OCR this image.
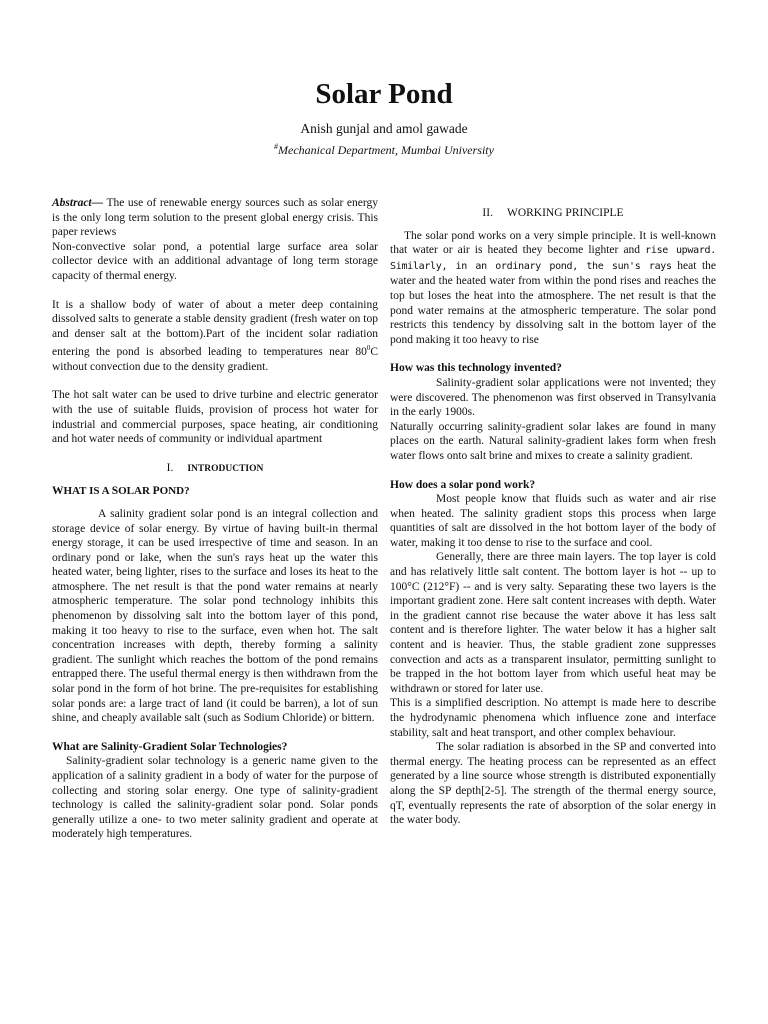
Solar Pond
Anish gunjal and amol gawade
#Mechanical Department, Mumbai University

Abstract— The use of renewable energy sources such as solar energy is the only long term solution to the present global energy crisis. This paper reviews

Non-convective solar pond, a potential large surface area solar collector device with an additional advantage of long term storage capacity of thermal energy.

It is a shallow body of water of about a meter deep containing dissolved salts to generate a stable density gradient (fresh water on top and denser salt at the bottom).Part of the incident solar radiation entering the pond is absorbed leading to temperatures near $80^0C$ without convection due to the density gradient.

The hot salt water can be used to drive turbine and electric generator with the use of suitable fluids, provision of process hot water for industrial and commercial purposes, space heating, air conditioning and hot water needs of community or individual apartment

I. INTRODUCTION

WHAT IS A SOLAR POND?

A salinity gradient solar pond is an integral collection and storage device of solar energy. By virtue of having built-in thermal energy storage, it can be used irrespective of time and season. In an ordinary pond or lake, when the sun's rays heat up the water this heated water, being lighter, rises to the surface and loses its heat to the atmosphere. The net result is that the pond water remains at nearly atmospheric temperature. The solar pond technology inhibits this phenomenon by dissolving salt into the bottom layer of this pond, making it too heavy to rise to the surface, even when hot. The salt concentration increases with depth, thereby forming a salinity gradient. The sunlight which reaches the bottom of the pond remains entrapped there. The useful thermal energy is then withdrawn from the solar pond in the form of hot brine. The pre-requisites for establishing solar ponds are: a large tract of land (it could be barren), a lot of sun shine, and cheaply available salt (such as Sodium Chloride) or bittern.

What are Salinity-Gradient Solar Technologies?

Salinity-gradient solar technology is a generic name given to the application of a salinity gradient in a body of water for the purpose of collecting and storing solar energy. One type of salinity-gradient technology is called the salinity-gradient solar pond. Solar ponds generally utilize a one- to two meter salinity gradient and operate at moderately high temperatures.

II. WORKING PRINCIPLE

The solar pond works on a very simple principle. It is well-known that water or air is heated they become lighter and rise upward. Similarly, in an ordinary pond, the sun's rays heat the water and the heated water from within the pond rises and reaches the top but loses the heat into the atmosphere. The net result is that the pond water remains at the atmospheric temperature. The solar pond restricts this tendency by dissolving salt in the bottom layer of the pond making it too heavy to rise

How was this technology invented?

Salinity-gradient solar applications were not invented; they were discovered. The phenomenon was first observed in Transylvania in the early 1900s.

Naturally occurring salinity-gradient solar lakes are found in many places on the earth. Natural salinity-gradient lakes form when fresh water flows onto salt brine and mixes to create a salinity gradient.

How does a solar pond work?

Most people know that fluids such as water and air rise when heated. The salinity gradient stops this process when large quantities of salt are dissolved in the hot bottom layer of the body of water, making it too dense to rise to the surface and cool.

Generally, there are three main layers. The top layer is cold and has relatively little salt content. The bottom layer is hot -- up to 100°C (212°F) -- and is very salty. Separating these two layers is the important gradient zone. Here salt content increases with depth. Water in the gradient cannot rise because the water above it has less salt content and is therefore lighter. The water below it has a higher salt content and is heavier. Thus, the stable gradient zone suppresses convection and acts as a transparent insulator, permitting sunlight to be trapped in the hot bottom layer from which useful heat may be withdrawn or stored for later use.

This is a simplified description. No attempt is made here to describe the hydrodynamic phenomena which influence zone and interface stability, salt and heat transport, and other complex behaviour.

The solar radiation is absorbed in the SP and converted into thermal energy. The heating process can be represented as an effect generated by a line source whose strength is distributed exponentially along the SP depth[2-5]. The strength of the thermal energy source, qT, eventually represents the rate of absorption of the solar energy in the water body.
